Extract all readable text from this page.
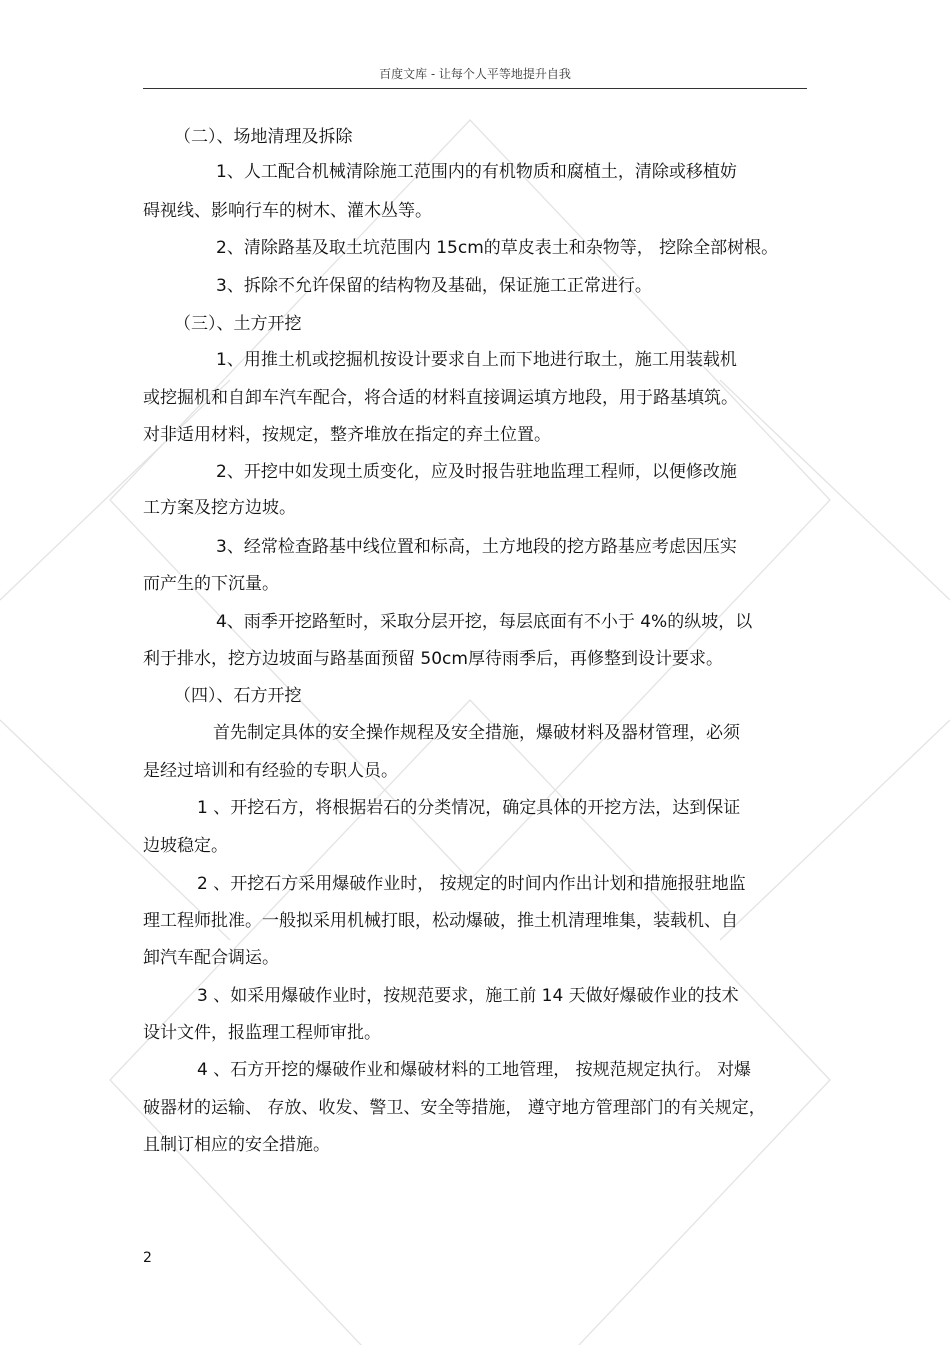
百度文库 - 让每个人平等地提升自我
（二）、场地清理及拆除
1、人工配合机械清除施工范围内的有机物质和腐植土，清除或移植妨
碍视线、影响行车的树木、灌木丛等。
2、清除路基及取土坑范围内 15cm的草皮表土和杂物等， 挖除全部树根。
3、拆除不允许保留的结构物及基础，保证施工正常进行。
（三）、土方开挖
1、用推土机或挖掘机按设计要求自上而下地进行取土，施工用装载机
或挖掘机和自卸车汽车配合，将合适的材料直接调运填方地段，用于路基填筑。
对非适用材料，按规定，整齐堆放在指定的弃土位置。
2、开挖中如发现土质变化，应及时报告驻地监理工程师，以便修改施
工方案及挖方边坡。
3、经常检查路基中线位置和标高，土方地段的挖方路基应考虑因压实
而产生的下沉量。
4、雨季开挖路堑时，采取分层开挖，每层底面有不小于 4%的纵坡，以
利于排水，挖方边坡面与路基面预留 50cm厚待雨季后，再修整到设计要求。
（四）、石方开挖
首先制定具体的安全操作规程及安全措施，爆破材料及器材管理，必须
是经过培训和有经验的专职人员。
1 、开挖石方，将根据岩石的分类情况，确定具体的开挖方法，达到保证
边坡稳定。
2 、开挖石方采用爆破作业时， 按规定的时间内作出计划和措施报驻地监
理工程师批准。一般拟采用机械打眼，松动爆破，推土机清理堆集，装载机、自
卸汽车配合调运。
3 、如采用爆破作业时，按规范要求，施工前 14 天做好爆破作业的技术
设计文件，报监理工程师审批。
4 、石方开挖的爆破作业和爆破材料的工地管理， 按规范规定执行。 对爆
破器材的运输、 存放、收发、警卫、安全等措施， 遵守地方管理部门的有关规定，
且制订相应的安全措施。
2
